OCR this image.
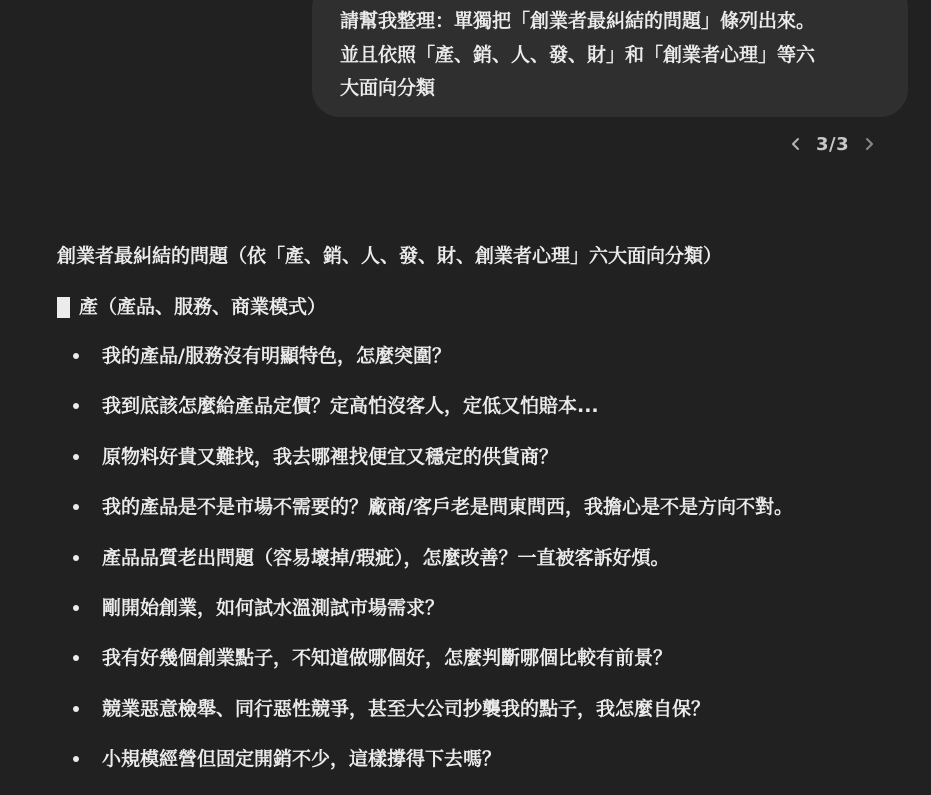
請幫我整理：單獨把「創業者最糾結的問題」條列出來。
並且依照「產、銷、人、發、財」和「創業者心理」等六
大面向分類
3/3
創業者最糾結的問題（依「產、銷、人、發、財、創業者心理」六大面向分類）
產（產品、服務、商業模式）
我的產品/服務沒有明顯特色，怎麼突圍？
我到底該怎麼給產品定價？定高怕沒客人，定低又怕賠本...
原物料好貴又難找，我去哪裡找便宜又穩定的供貨商？
我的產品是不是市場不需要的？廠商/客戶老是問東問西，我擔心是不是方向不對。
產品品質老出問題（容易壞掉/瑕疵），怎麼改善？一直被客訴好煩。
剛開始創業，如何試水溫測試市場需求？
我有好幾個創業點子，不知道做哪個好，怎麼判斷哪個比較有前景？
競業惡意檢舉、同行惡性競爭，甚至大公司抄襲我的點子，我怎麼自保？
小規模經營但固定開銷不少，這樣撐得下去嗎？
